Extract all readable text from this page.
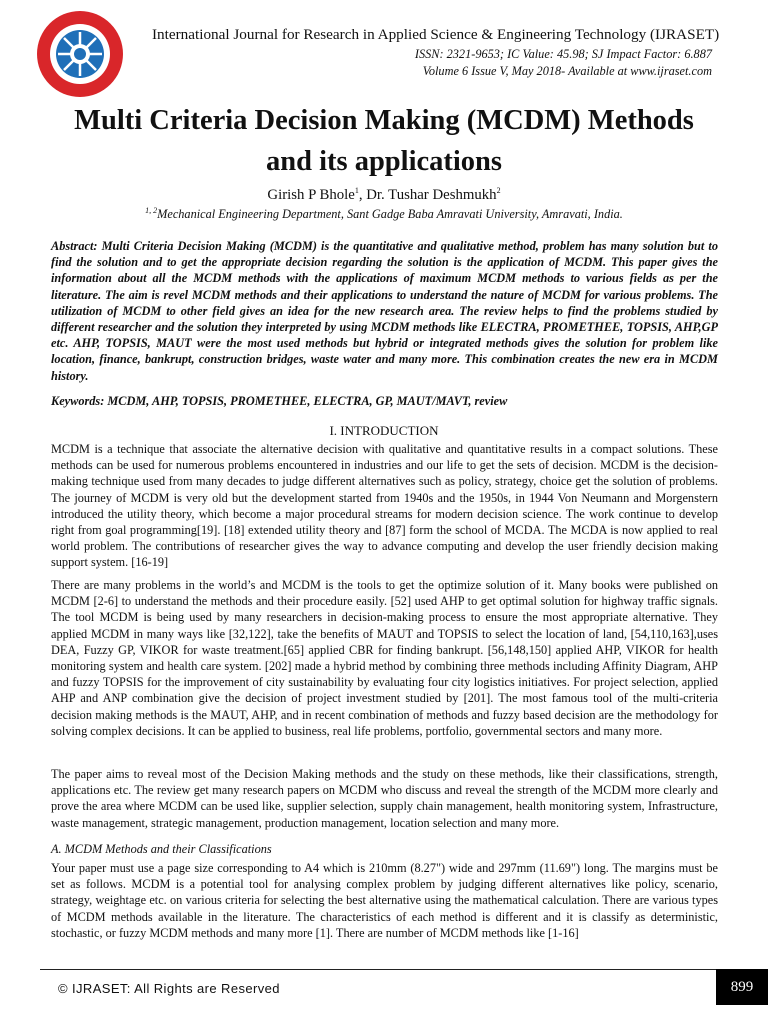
International Journal for Research in Applied Science & Engineering Technology (IJRASET)
ISSN: 2321-9653; IC Value: 45.98; SJ Impact Factor: 6.887
Volume 6 Issue V, May 2018- Available at www.ijraset.com
Multi Criteria Decision Making (MCDM) Methods
and its applications
Girish P Bhole$^1$, Dr. Tushar Deshmukh$^2$
$^{1, 2}$Mechanical Engineering Department, Sant Gadge Baba Amravati University, Amravati, India.

Abstract: Multi Criteria Decision Making (MCDM) is the quantitative and qualitative method, problem has many solution but to find the solution and to get the appropriate decision regarding the solution is the application of MCDM. This paper gives the information about all the MCDM methods with the applications of maximum MCDM methods to various fields as per the literature. The aim is revel MCDM methods and their applications to understand the nature of MCDM for various problems. The utilization of MCDM to other field gives an idea for the new research area. The review helps to find the problems studied by different researcher and the solution they interpreted by using MCDM methods like ELECTRA, PROMETHEE, TOPSIS, AHP,GP etc. AHP, TOPSIS, MAUT were the most used methods but hybrid or integrated methods gives the solution for problem like location, finance, bankrupt, construction bridges, waste water and many more. This combination creates the new era in MCDM history.

Keywords: MCDM, AHP, TOPSIS, PROMETHEE, ELECTRA, GP, MAUT/MAVT, review

I. INTRODUCTION

MCDM is a technique that associate the alternative decision with qualitative and quantitative results in a compact solutions. These methods can be used for numerous problems encountered in industries and our life to get the sets of decision. MCDM is the decision-making technique used from many decades to judge different alternatives such as policy, strategy, choice get the solution of problems. The journey of MCDM is very old but the development started from 1940s and the 1950s, in 1944 Von Neumann and Morgenstern introduced the utility theory, which become a major procedural streams for modern decision science. The work continue to develop right from goal programming[19]. [18] extended utility theory and [87] form the school of MCDA. The MCDA is now applied to real world problem. The contributions of researcher gives the way to advance computing and develop the user friendly decision making support system. [16-19]

There are many problems in the world’s and MCDM is the tools to get the optimize solution of it. Many books were published on MCDM [2-6] to understand the methods and their procedure easily. [52] used AHP to get optimal solution for highway traffic signals. The tool MCDM is being used by many researchers in decision-making process to ensure the most appropriate alternative. They applied MCDM in many ways like [32,122], take the benefits of MAUT and TOPSIS to select the location of land, [54,110,163],uses DEA, Fuzzy GP, VIKOR for waste treatment.[65] applied CBR for finding bankrupt. [56,148,150] applied AHP, VIKOR for health monitoring system and health care system. [202] made a hybrid method by combining three methods including Affinity Diagram, AHP and fuzzy TOPSIS for the improvement of city sustainability by evaluating four city logistics initiatives. For project selection, applied AHP and ANP combination give the decision of project investment studied by [201]. The most famous tool of the multi-criteria decision making methods is the MAUT, AHP, and in recent combination of methods and fuzzy based decision are the methodology for solving complex decisions. It can be applied to business, real life problems, portfolio, governmental sectors and many more.

The paper aims to reveal most of the Decision Making methods and the study on these methods, like their classifications, strength, applications etc. The review get many research papers on MCDM who discuss and reveal the strength of the MCDM more clearly and prove the area where MCDM can be used like, supplier selection, supply chain management, health monitoring system, Infrastructure, waste management, strategic management, production management, location selection and many more.

A. MCDM Methods and their Classifications

Your paper must use a page size corresponding to A4 which is 210mm (8.27") wide and 297mm (11.69") long. The margins must be set as follows. MCDM is a potential tool for analysing complex problem by judging different alternatives like policy, scenario, strategy, weightage etc. on various criteria for selecting the best alternative using the mathematical calculation. There are various types of MCDM methods available in the literature. The characteristics of each method is different and it is classify as deterministic, stochastic, or fuzzy MCDM methods and many more [1]. There are number of MCDM methods like [1-16]

© IJRASET: All Rights are Reserved	899
